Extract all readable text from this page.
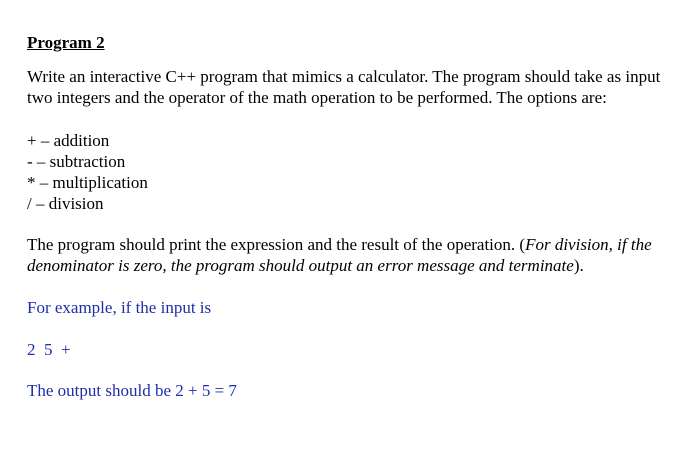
Program 2
Write an interactive C++ program that mimics a calculator. The program should take as input
two integers and the operator of the math operation to be performed. The options are:
+ – addition
- – subtraction
* – multiplication
/ – division
The program should print the expression and the result of the operation. (For division, if the
denominator is zero, the program should output an error message and terminate).
For example, if the input is
2  5  +
The output should be 2 + 5 = 7
